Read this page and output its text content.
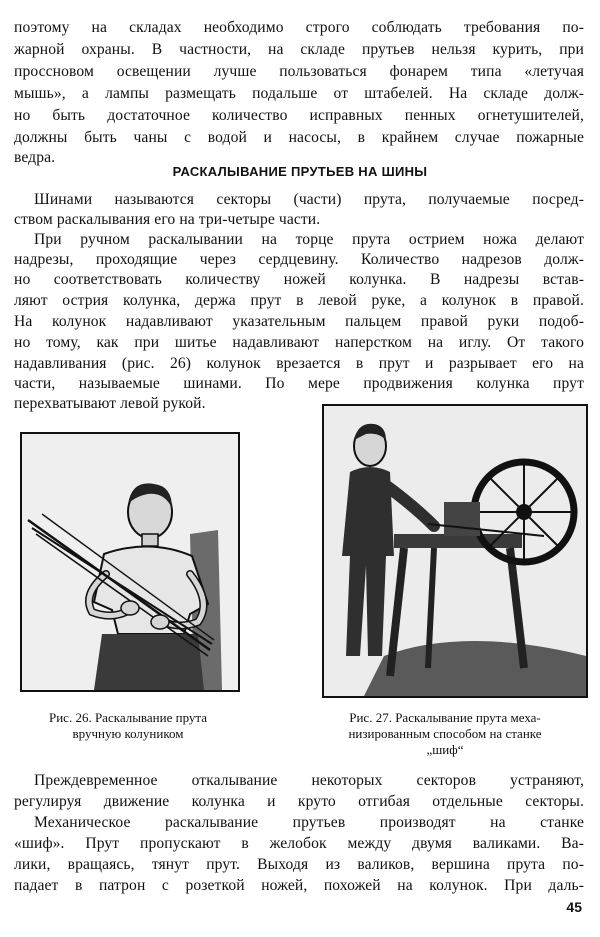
поэтому на складах необходимо строго соблюдать требования по-
жарной охраны. В частности, на складе прутьев нельзя курить, при
проссновом освещении лучше пользоваться фонарем типа «летучая
мышь», а лампы размещать подальше от штабелей. На складе долж-
но быть достаточное количество исправных пенных огнетушителей,
должны быть чаны с водой и насосы, в крайнем случае пожарные
ведра.
РАСКАЛЫВАНИЕ ПРУТЬЕВ НА ШИНЫ
Шинами называются секторы (части) прута, получаемые посред-
ством раскалывания его на три-четыре части.
При ручном раскалывании на торце прута острием ножа делают
надрезы, проходящие через сердцевину. Количество надрезов долж-
но соответствовать количеству ножей колунка. В надрезы встав-
ляют острия колунка, держа прут в левой руке, а колунок в правой.
На колунок надавливают указательным пальцем правой руки подоб-
но тому, как при шитье надавливают наперстком на иглу. От такого
надавливания (рис. 26) колунок врезается в прут и разрывает его на
части, называемые шинами. По мере продвижения колунка прут
перехватывают левой рукой.
Рис. 26. Раскалывание прута
вручную колуником
Рис. 27. Раскалывание прута меха-
низированным способом на станке
„шиф“
Преждевременное откалывание некоторых секторов устраняют,
регулируя движение колунка и круто отгибая отдельные секторы.
Механическое раскалывание прутьев производят на станке
«шиф». Прут пропускают в желобок между двумя валиками. Ва-
лики, вращаясь, тянут прут. Выходя из валиков, вершина прута по-
падает в патрон с розеткой ножей, похожей на колунок. При даль-
45
